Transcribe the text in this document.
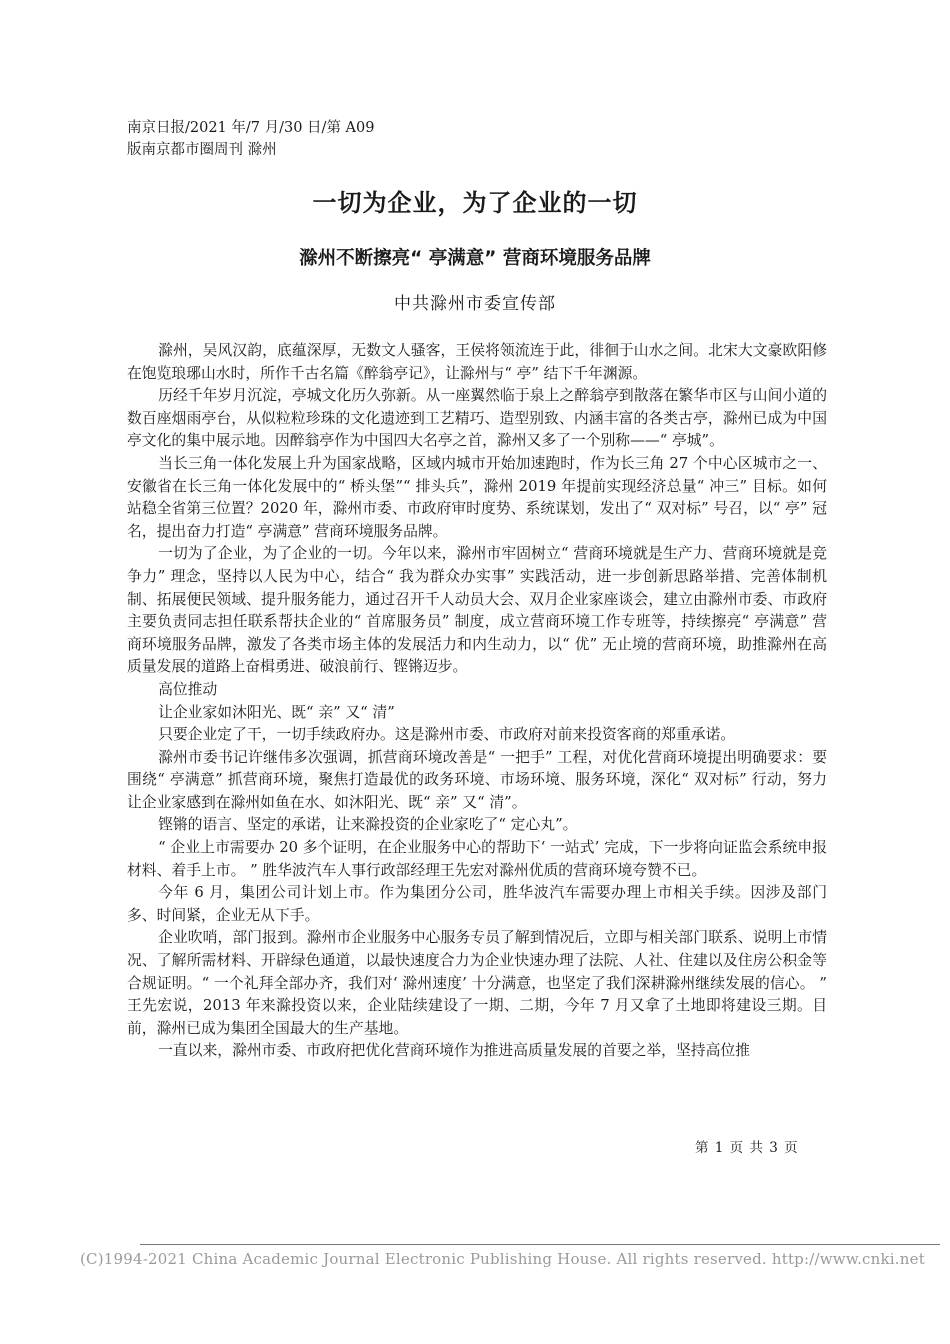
南京日报/2021 年/7 月/30 日/第 A09
版南京都市圈周刊 滁州
一切为企业，为了企业的一切
滁州不断擦亮“ 亭满意” 营商环境服务品牌
中共滁州市委宣传部

滁州，吴风汉韵，底蕴深厚，无数文人骚客，王侯将领流连于此，徘徊于山水之间。北宋大文豪欧阳修在饱览琅琊山水时，所作千古名篇《醉翁亭记》，让滁州与“ 亭” 结下千年渊源。

历经千年岁月沉淀，亭城文化历久弥新。从一座翼然临于泉上之醉翁亭到散落在繁华市区与山间小道的数百座烟雨亭台，从似粒粒珍珠的文化遗迹到工艺精巧、造型别致、内涵丰富的各类古亭，滁州已成为中国亭文化的集中展示地。因醉翁亭作为中国四大名亭之首，滁州又多了一个别称——“ 亭城”。

当长三角一体化发展上升为国家战略，区域内城市开始加速跑时，作为长三角 27 个中心区城市之一、安徽省在长三角一体化发展中的“ 桥头堡”“ 排头兵”，滁州 2019 年提前实现经济总量“ 冲三” 目标。如何站稳全省第三位置？2020 年，滁州市委、市政府审时度势、系统谋划，发出了“ 双对标” 号召，以“ 亭” 冠名，提出奋力打造“ 亭满意” 营商环境服务品牌。

一切为了企业，为了企业的一切。今年以来，滁州市牢固树立“ 营商环境就是生产力、营商环境就是竞争力” 理念，坚持以人民为中心，结合“ 我为群众办实事” 实践活动，进一步创新思路举措、完善体制机制、拓展便民领域、提升服务能力，通过召开千人动员大会、双月企业家座谈会，建立由滁州市委、市政府主要负责同志担任联系帮扶企业的“ 首席服务员” 制度，成立营商环境工作专班等，持续擦亮“ 亭满意” 营商环境服务品牌，激发了各类市场主体的发展活力和内生动力，以“ 优” 无止境的营商环境，助推滁州在高质量发展的道路上奋楫勇进、破浪前行、铿锵迈步。

高位推动

让企业家如沐阳光、既“ 亲” 又“ 清”

只要企业定了干，一切手续政府办。这是滁州市委、市政府对前来投资客商的郑重承诺。

滁州市委书记许继伟多次强调，抓营商环境改善是“ 一把手” 工程，对优化营商环境提出明确要求：要围绕“ 亭满意” 抓营商环境，聚焦打造最优的政务环境、市场环境、服务环境，深化“ 双对标” 行动，努力让企业家感到在滁州如鱼在水、如沐阳光、既“ 亲” 又“ 清”。

铿锵的语言、坚定的承诺，让来滁投资的企业家吃了“ 定心丸”。

“ 企业上市需要办 20 多个证明，在企业服务中心的帮助下‘ 一站式’ 完成，下一步将向证监会系统申报材料、着手上市。 ” 胜华波汽车人事行政部经理王先宏对滁州优质的营商环境夸赞不已。

今年 6 月，集团公司计划上市。作为集团分公司，胜华波汽车需要办理上市相关手续。因涉及部门多、时间紧，企业无从下手。

企业吹哨，部门报到。滁州市企业服务中心服务专员了解到情况后，立即与相关部门联系、说明上市情况、了解所需材料、开辟绿色通道，以最快速度合力为企业快速办理了法院、人社、住建以及住房公积金等合规证明。“ 一个礼拜全部办齐，我们对‘ 滁州速度’ 十分满意，也坚定了我们深耕滁州继续发展的信心。 ” 王先宏说，2013 年来滁投资以来，企业陆续建设了一期、二期，今年 7 月又拿了土地即将建设三期。目前，滁州已成为集团全国最大的生产基地。

一直以来，滁州市委、市政府把优化营商环境作为推进高质量发展的首要之举，坚持高位推

第 1 页 共 3 页
(C)1994-2021 China Academic Journal Electronic Publishing House. All rights reserved. http://www.cnki.net
